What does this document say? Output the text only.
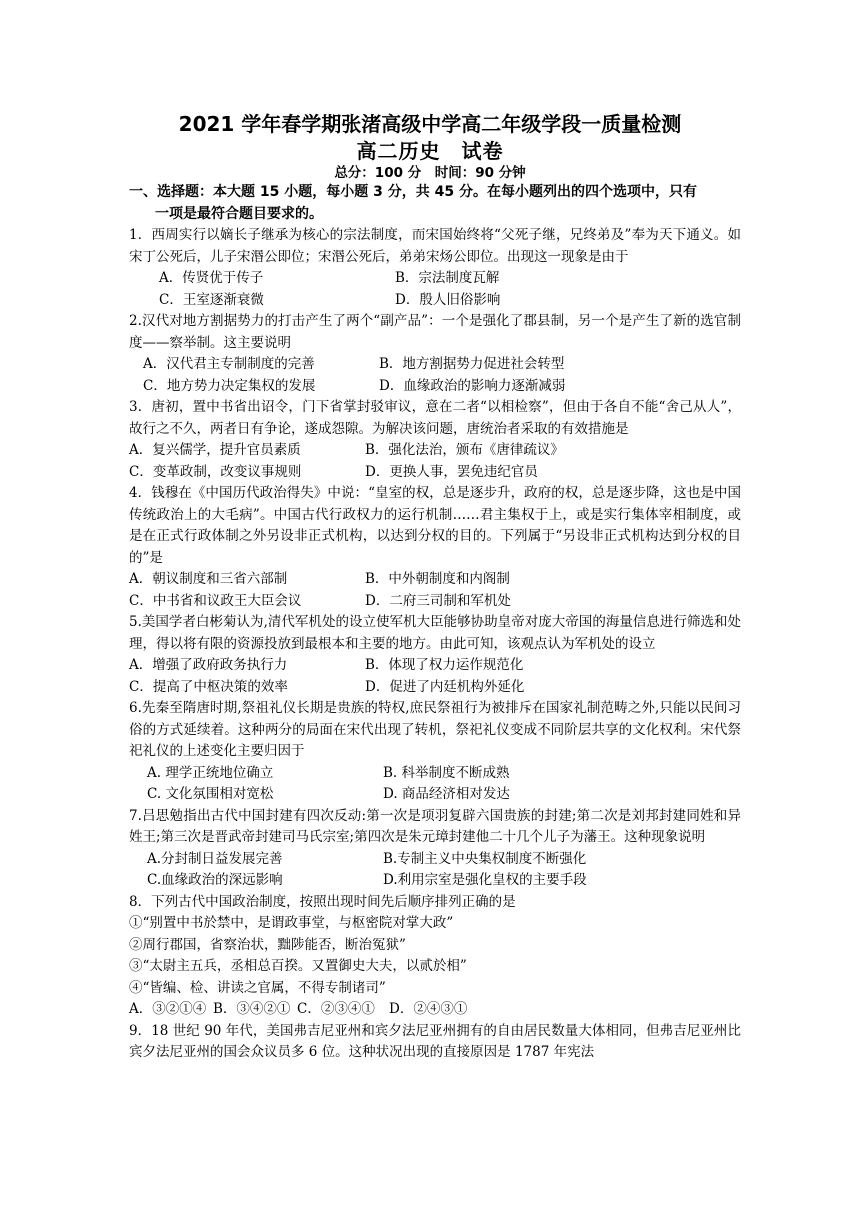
2021 学年春学期张渚高级中学高二年级学段一质量检测
高二历史　试卷
总分：100 分　时间：90 分钟
一、选择题：本大题 15 小题，每小题 3 分，共 45 分。在每小题列出的四个选项中，只有
一项是最符合题目要求的。
1．西周实行以嫡长子继承为核心的宗法制度，而宋国始终将“父死子继，兄终弟及”奉为天下通义。如宋丁公死后，儿子宋湣公即位；宋湣公死后，弟弟宋炀公即位。出现这一现象是由于
A．传贤优于传子	B．宗法制度瓦解
C．王室逐渐衰微	D．殷人旧俗影响
2.汉代对地方割据势力的打击产生了两个“副产品”：一个是强化了郡县制，另一个是产生了新的选官制度——察举制。这主要说明
A．汉代君主专制制度的完善	B．地方割据势力促进社会转型
C．地方势力决定集权的发展	D．血缘政治的影响力逐渐减弱
3．唐初，置中书省出诏令，门下省掌封驳审议，意在二者“以相检察”，但由于各自不能“舍己从人”，故行之不久，两者日有争论，遂成怨隙。为解决该问题，唐统治者采取的有效措施是
A．复兴儒学，提升官员素质	B．强化法治，颁布《唐律疏议》
C．变革政制，改变议事规则	D．更换人事，罢免违纪官员
4．钱穆在《中国历代政治得失》中说：“皇室的权，总是逐步升，政府的权，总是逐步降，这也是中国传统政治上的大毛病”。中国古代行政权力的运行机制……君主集权于上，或是实行集体宰相制度，或是在正式行政体制之外另设非正式机构，以达到分权的目的。下列属于“另设非正式机构达到分权的目的”是
A．朝议制度和三省六部制	B．中外朝制度和内阁制
C．中书省和议政王大臣会议	D．二府三司制和军机处
5.美国学者白彬菊认为,清代军机处的设立使军机大臣能够协助皇帝对庞大帝国的海量信息进行筛选和处理，得以将有限的资源投放到最根本和主要的地方。由此可知，该观点认为军机处的设立
A．增强了政府政务执行力	B．体现了权力运作规范化
C．提高了中枢决策的效率	D．促进了内廷机构外延化
6.先秦至隋唐时期,祭祖礼仪长期是贵族的特权,庶民祭祖行为被排斥在国家礼制范畴之外,只能以民间习俗的方式延续着。这种两分的局面在宋代出现了转机，祭祀礼仪变成不同阶层共享的文化权利。宋代祭祀礼仪的上述变化主要归因于
A. 理学正统地位确立	B. 科举制度不断成熟
C. 文化氛围相对宽松	D. 商品经济相对发达
7.吕思勉指出古代中国封建有四次反动:第一次是项羽复辟六国贵族的封建;第二次是刘邦封建同姓和异姓王;第三次是晋武帝封建司马氏宗室;第四次是朱元璋封建他二十几个儿子为藩王。这种现象说明
A.分封制日益发展完善	B.专制主义中央集权制度不断强化
C.血缘政治的深远影响	D.利用宗室是强化皇权的主要手段
8．下列古代中国政治制度，按照出现时间先后顺序排列正确的是
①“别置中书於禁中，是谓政事堂，与枢密院对掌大政”
②周行郡国，省察治状，黜陟能否，断治冤狱”
③“太尉主五兵，丞相总百揆。又置御史大夫，以贰於相”
④“皆编、检、讲读之官属，不得专制诸司”
A．③②①④ B．③④②① C．②③④①	D．②④③①
9．18 世纪 90 年代，美国弗吉尼亚州和宾夕法尼亚州拥有的自由居民数量大体相同，但弗吉尼亚州比宾夕法尼亚州的国会众议员多 6 位。这种状况出现的直接原因是 1787 年宪法
